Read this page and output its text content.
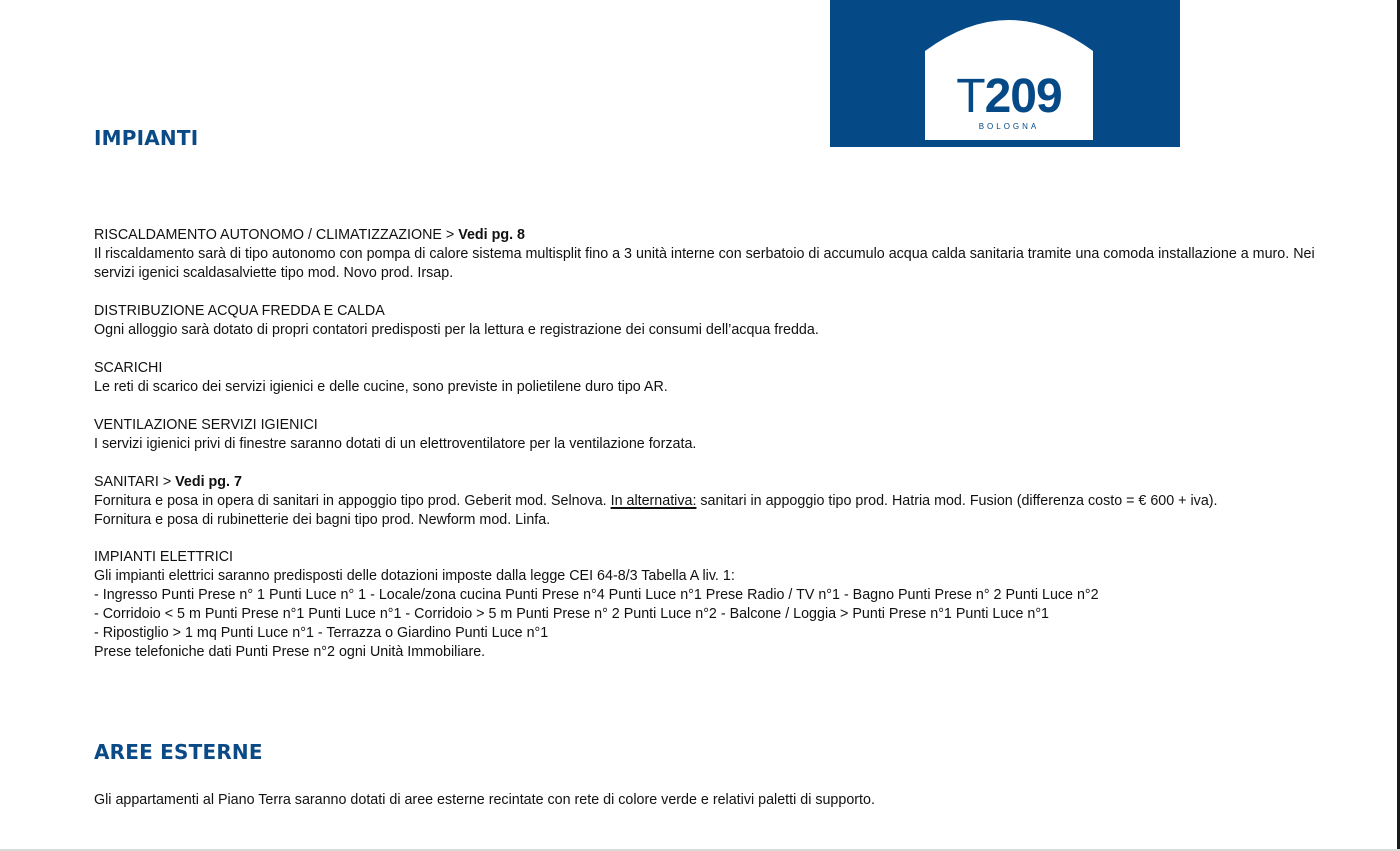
T209
BOLOGNA
IMPIANTI

RISCALDAMENTO AUTONOMO / CLIMATIZZAZIONE > Vedi pg. 8

Il riscaldamento sarà di tipo autonomo con pompa di calore sistema multisplit fino a 3 unità interne con serbatoio di accumulo acqua calda sanitaria tramite una comoda installazione a muro. Nei servizi igenici scaldasalviette tipo mod. Novo prod. Irsap.

DISTRIBUZIONE ACQUA FREDDA E CALDA

Ogni alloggio sarà dotato di propri contatori predisposti per la lettura e registrazione dei consumi dell’acqua fredda.

SCARICHI

Le reti di scarico dei servizi igienici e delle cucine, sono previste in polietilene duro tipo AR.

VENTILAZIONE SERVIZI IGIENICI

I servizi igienici privi di finestre saranno dotati di un elettroventilatore per la ventilazione forzata.

SANITARI > Vedi pg. 7

Fornitura e posa in opera di sanitari in appoggio tipo prod. Geberit mod. Selnova. In alternativa: sanitari in appoggio tipo prod. Hatria mod. Fusion (differenza costo = € 600 + iva).

Fornitura e posa di rubinetterie dei bagni tipo prod. Newform mod. Linfa.

IMPIANTI ELETTRICI

Gli impianti elettrici saranno predisposti delle dotazioni imposte dalla legge CEI 64-8/3 Tabella A liv. 1:

- Ingresso Punti Prese n° 1 Punti Luce n° 1 - Locale/zona cucina Punti Prese n°4 Punti Luce n°1 Prese Radio / TV n°1 - Bagno Punti Prese n° 2 Punti Luce n°2

- Corridoio < 5 m Punti Prese n°1 Punti Luce n°1 - Corridoio > 5 m Punti Prese n° 2 Punti Luce n°2 - Balcone / Loggia > Punti Prese n°1 Punti Luce n°1

- Ripostiglio > 1 mq Punti Luce n°1 - Terrazza o Giardino Punti Luce n°1

Prese telefoniche dati Punti Prese n°2 ogni Unità Immobiliare.

AREE ESTERNE

Gli appartamenti al Piano Terra saranno dotati di aree esterne recintate con rete di colore verde e relativi paletti di supporto.
